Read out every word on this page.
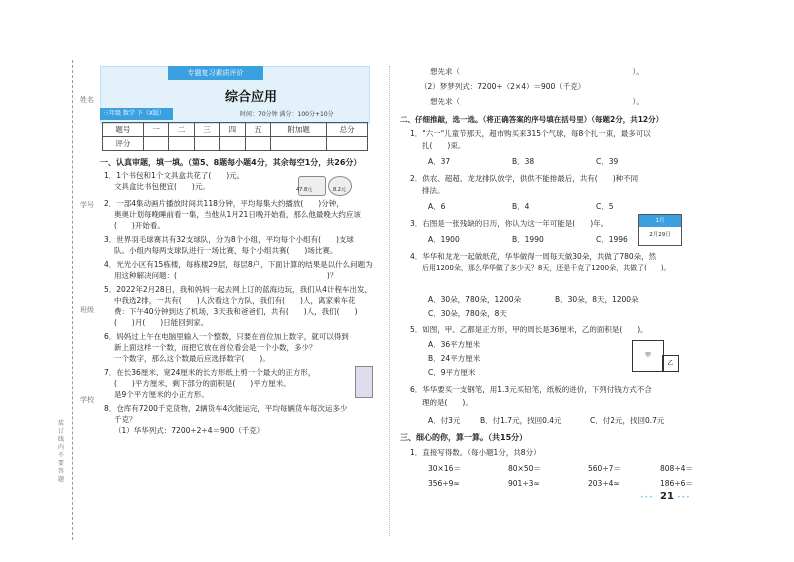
姓名
学号
班级
学校
装订线内不要答题
专题复习素质评价
综合应用
三年级 数学 下（X版）	时间：70分钟 满分：100分+10分
题号	一	二	三	四	五	附加题	总分
评分							
一、认真审题，填一填。（第5、8题每小题4分，其余每空1分，共26分）
1．1个书包和1个文具盒共花了(　　)元。
文具盒比书包便宜(　　)元。
2．一部4集动画片播放时间共118分钟，平均每集大约播放(　　)分钟，
奥奥计划每晚睡前看一集，当他从1月21日晚开始看，那么他最晚大约应该
(　　)开始看。
3．世界羽毛球赛共有32支球队，分为8个小组，平均每个小组有(　　)支球
队。小组内每两支球队进行一场比赛，每个小组共赛(　　)场比赛。
4．光光小区有15栋楼，每栋楼29层，每层8户，下面计算的结果是以什么问题为
用这种解决问题：(　　　　　　　　　　　　　　　　　　　　)？
5．2022年2月28日，我和妈妈一起去网上订的蓝海边玩，我们从4计程车出发，
中我选2排，一共有(　　)人次看这个方队，我们有(　　)人，离家乘车花
费：下午40分钟到达了机场，3天我和爸爸们，共有(　　)人，我们(　　)
(　　)月(　　)日能回到家。
6．妈妈过上午在电脑里输入一个整数，只要在首位加上数字，就可以得到
新上面这样一个数，而把它放在首位看会是一个小数，多少？
一个数字，那么这个数最后应选择数字(　　)。
7．在长36厘米、宽24厘米的长方形纸上剪一个最大的正方形，
(　　)平方厘米，剩下部分的面积是(　　)平方厘米。
是9个平方厘米的小正方形。
8．仓库有7200千克货物，2辆货车4次能运完，平均每辆货车每次运多少
千克？
（1）华华列式：7200÷2÷4＝900（千克）
47.8元	8.2元
想先求（　　　　　　　　　　　　　　　　　　　　　　　）。
（2）梦梦列式：7200÷（2×4）＝900（千克）
想先求（　　　　　　　　　　　　　　　　　　　　　　　）。
二、仔细推敲，选一选。（将正确答案的序号填在括号里）（每题2分，共12分）
1．"六一"儿童节那天，超市购买来315个气球，每8个扎一束，最多可以
扎(　　)束。
A．37	B．38	C．39
2．供农、超超、龙龙排队放学，供供不能排最后，共有(　　)种不同
排法。
A．6	B．4	C．5
3．右图是一张残缺的日历，你认为这一年可能是(　　)年。
A．1900	B．1990	C．1996
1月
2月29日
4．华华和龙龙一起做纸花，华华做得一周每天做30朵，共做了780朵，然
后用1200朵，那么华华做了多少天？8天，还是千克了1200朵，共做了(　　)。
A．30朵，780朵，1200朵	B．30朵，8天，1200朵
C．30朵，780朵，8天
5．如图，甲、乙都是正方形，甲的周长是36厘米，乙的面积是(　　)。
A．36平方厘米
B．24平方厘米
C．9平方厘米
甲
乙
6．华华要买一支钢笔，用1.3元买铅笔，纸板的进价，下列付钱方式不合
理的是(　　)。
A．付3元	B．付1.7元，找回0.4元	C．付2元，找回0.7元
三、细心的你，算一算。（共15分）
1．直接写得数。（每小题1分，共8分）
30×16＝	80×50＝	560÷7＝	808÷4＝
356÷9≈	901÷3≈	203÷4≈	186÷6＝
••• 21 •••
